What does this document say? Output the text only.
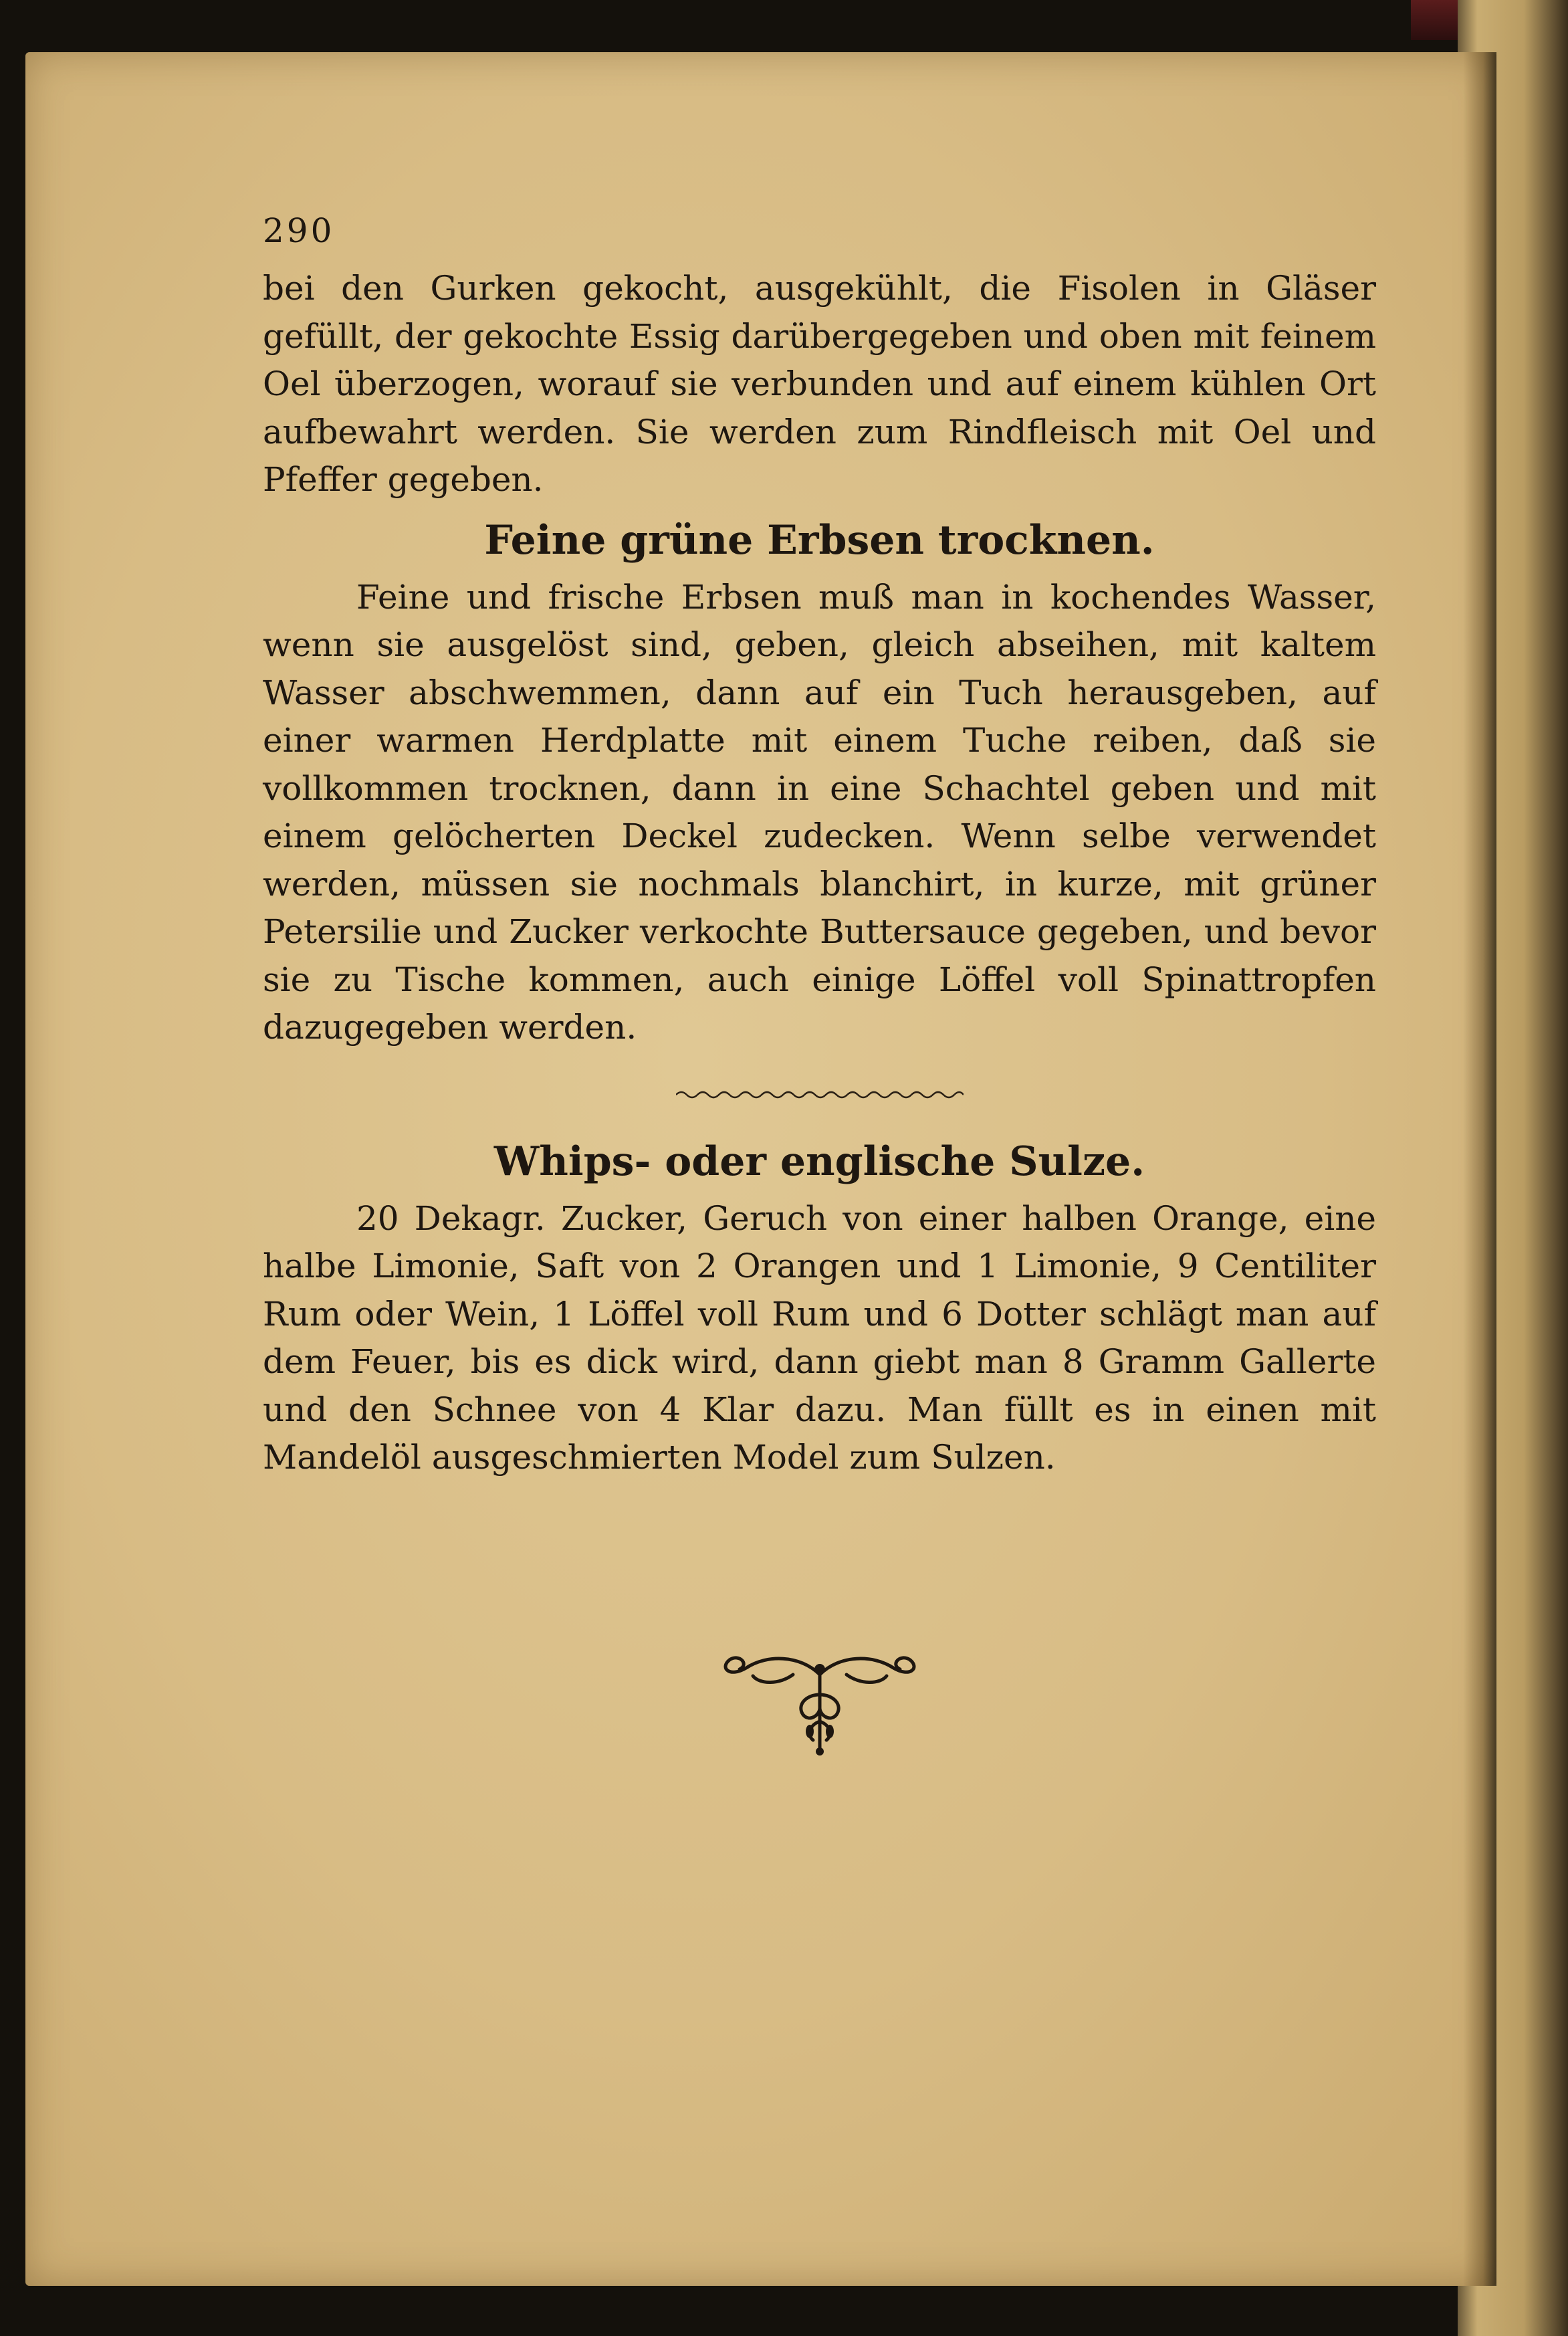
290

bei den Gurken gekocht, ausgekühlt, die Fisolen in Gläser gefüllt, der gekochte Essig darübergegeben und oben mit feinem Oel überzogen, worauf sie verbunden und auf einem kühlen Ort aufbewahrt werden. Sie werden zum Rindfleisch mit Oel und Pfeffer gegeben.

Feine grüne Erbsen trocknen.

Feine und frische Erbsen muß man in kochendes Wasser, wenn sie ausgelöst sind, geben, gleich abseihen, mit kaltem Wasser abschwemmen, dann auf ein Tuch herausgeben, auf einer warmen Herdplatte mit einem Tuche reiben, daß sie vollkommen trocknen, dann in eine Schachtel geben und mit einem gelöcherten Deckel zudecken. Wenn selbe verwendet werden, müssen sie nochmals blanchirt, in kurze, mit grüner Petersilie und Zucker verkochte Buttersauce gegeben, und bevor sie zu Tische kommen, auch einige Löffel voll Spinattropfen dazugegeben werden.

Whips- oder englische Sulze.

20 Dekagr. Zucker, Geruch von einer halben Orange, eine halbe Limonie, Saft von 2 Orangen und 1 Limonie, 9 Centiliter Rum oder Wein, 1 Löffel voll Rum und 6 Dotter schlägt man auf dem Feuer, bis es dick wird, dann giebt man 8 Gramm Gallerte und den Schnee von 4 Klar dazu. Man füllt es in einen mit Mandelöl ausgeschmierten Model zum Sulzen.
